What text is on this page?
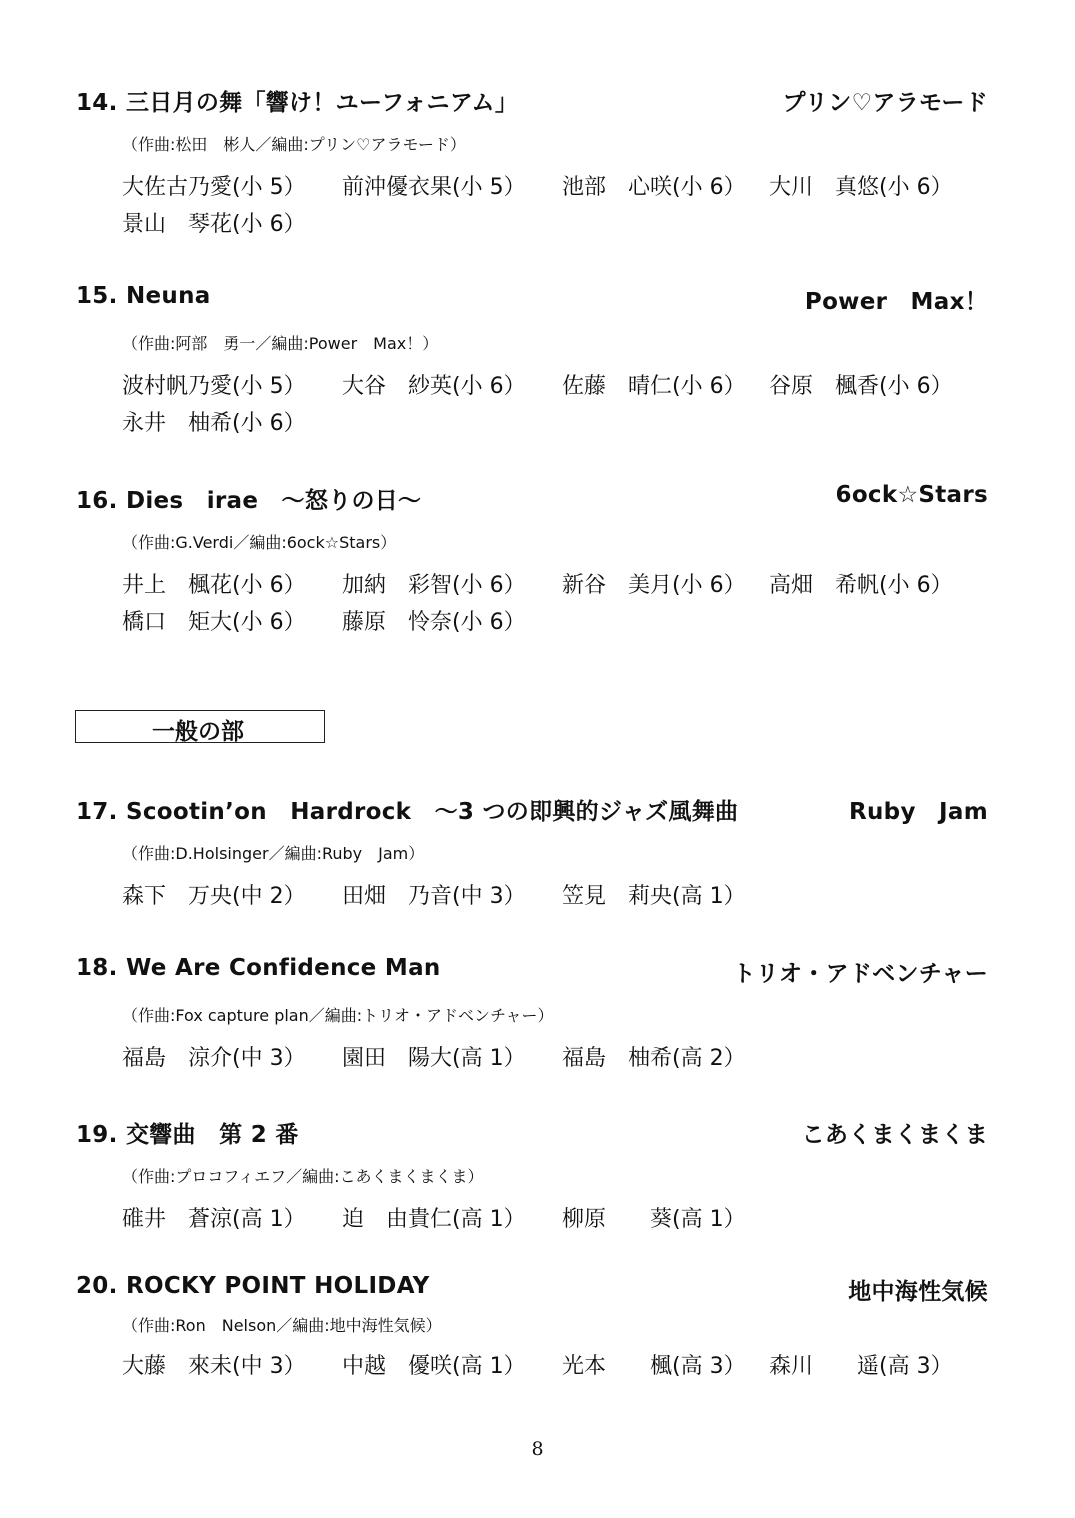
14. 三日月の舞「響け！ユーフォニアム」	プリン♡アラモード
（作曲:松田　彬人／編曲:プリン♡アラモード）
大佐古乃愛(小 5） 前沖優衣果(小 5） 池部　心咲(小 6） 大川　真悠(小 6）
景山　琴花(小 6）
15. Neuna	Power　Max！
（作曲:阿部　勇一／編曲:Power　Max！）
波村帆乃愛(小 5） 大谷　紗英(小 6） 佐藤　晴仁(小 6） 谷原　楓香(小 6）
永井　柚希(小 6）
16. Dies　irae　～怒りの日～	6ock☆Stars
（作曲:G.Verdi／編曲:6ock☆Stars）
井上　楓花(小 6） 加納　彩智(小 6） 新谷　美月(小 6） 高畑　希帆(小 6）
橋口　矩大(小 6） 藤原　怜奈(小 6）
一般の部
17. Scootin’on　Hardrock　～3 つの即興的ジャズ風舞曲	Ruby　Jam
（作曲:D.Holsinger／編曲:Ruby　Jam）
森下　万央(中 2） 田畑　乃音(中 3） 笠見　莉央(高 1）
18. We Are Confidence Man	トリオ・アドベンチャー
（作曲:Fox capture plan／編曲:トリオ・アドベンチャー）
福島　涼介(中 3） 園田　陽大(高 1） 福島　柚希(高 2）
19. 交響曲　第 2 番	こあくまくまくま
（作曲:プロコフィエフ／編曲:こあくまくまくま）
碓井　蒼涼(高 1） 迫　由貴仁(高 1） 柳原　　葵(高 1）
20. ROCKY POINT HOLIDAY	地中海性気候
（作曲:Ron　Nelson／編曲:地中海性気候）
大藤　來未(中 3） 中越　優咲(高 1） 光本　　楓(高 3） 森川　　遥(高 3）
8
